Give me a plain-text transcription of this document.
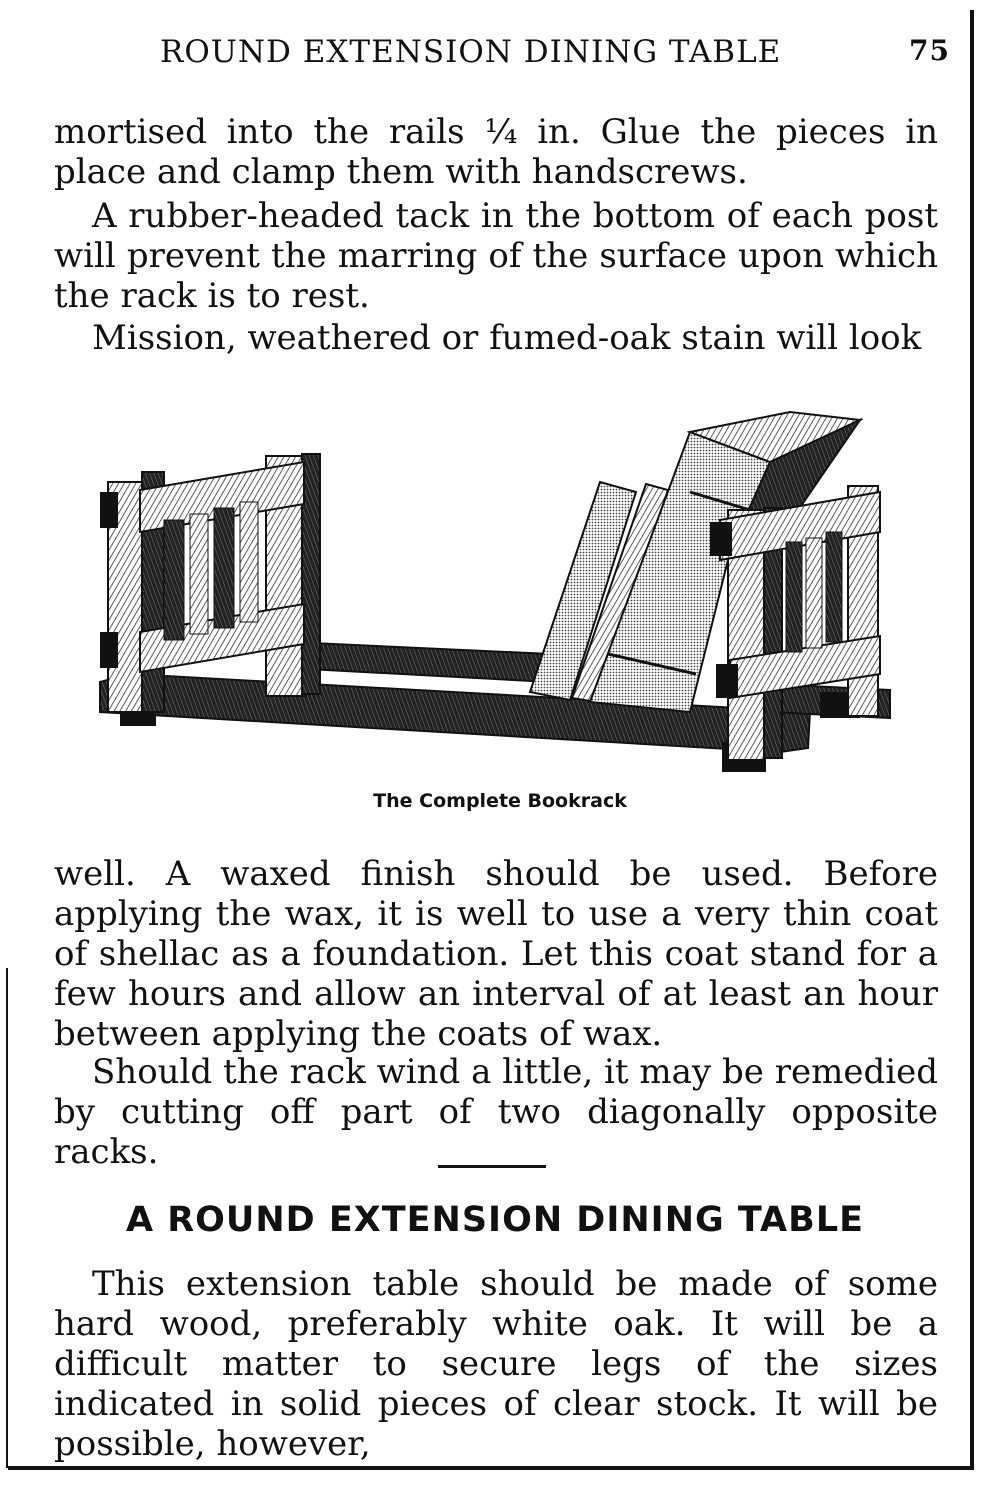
ROUND EXTENSION DINING TABLE	75

mortised into the rails ¼ in. Glue the pieces in place and clamp them with handscrews.

A rubber-headed tack in the bottom of each post will prevent the marring of the surface upon which the rack is to rest.

Mission, weathered or fumed-oak stain will look

The Complete Bookrack

well. A waxed finish should be used. Before applying the wax, it is well to use a very thin coat of shellac as a foundation. Let this coat stand for a few hours and allow an interval of at least an hour between applying the coats of wax.

Should the rack wind a little, it may be remedied by cutting off part of two diagonally opposite racks.

A ROUND EXTENSION DINING TABLE

This extension table should be made of some hard wood, preferably white oak. It will be a difficult matter to secure legs of the sizes indicated in solid pieces of clear stock. It will be possible, however,
